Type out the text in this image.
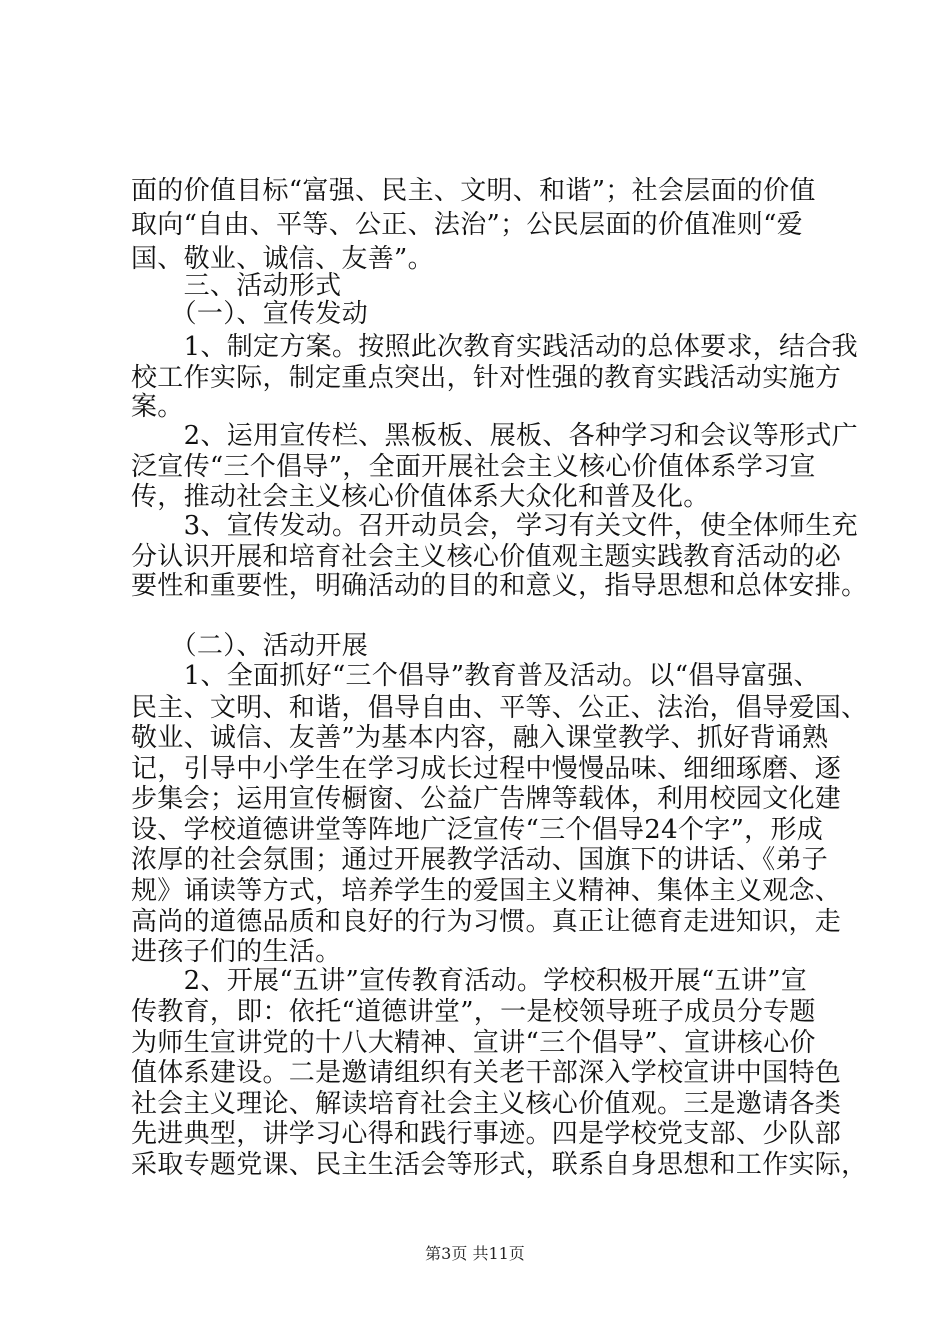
面的价值目标“富强、民主、文明、和谐”；社会层面的价值
取向“自由、平等、公正、法治”；公民层面的价值准则“爱
国、敬业、诚信、友善”。
　　三、活动形式
　　（一）、宣传发动
　　1、制定方案。按照此次教育实践活动的总体要求，结合我
校工作实际，制定重点突出，针对性强的教育实践活动实施方
案。
　　2、运用宣传栏、黑板板、展板、各种学习和会议等形式广
泛宣传“三个倡导”，全面开展社会主义核心价值体系学习宣
传，推动社会主义核心价值体系大众化和普及化。
　　3、宣传发动。召开动员会，学习有关文件，使全体师生充
分认识开展和培育社会主义核心价值观主题实践教育活动的必
要性和重要性，明确活动的目的和意义，指导思想和总体安排。
　　（二）、活动开展
　　1、全面抓好“三个倡导”教育普及活动。以“倡导富强、
民主、文明、和谐，倡导自由、平等、公正、法治，倡导爱国、
敬业、诚信、友善”为基本内容，融入课堂教学、抓好背诵熟
记，引导中小学生在学习成长过程中慢慢品味、细细琢磨、逐
步集会；运用宣传橱窗、公益广告牌等载体，利用校园文化建
设、学校道德讲堂等阵地广泛宣传“三个倡导24个字”，形成
浓厚的社会氛围；通过开展教学活动、国旗下的讲话、《弟子
规》诵读等方式，培养学生的爱国主义精神、集体主义观念、
高尚的道德品质和良好的行为习惯。真正让德育走进知识，走
进孩子们的生活。
　　2、开展“五讲”宣传教育活动。学校积极开展“五讲”宣
传教育，即：依托“道德讲堂”，一是校领导班子成员分专题
为师生宣讲党的十八大精神、宣讲“三个倡导”、宣讲核心价
值体系建设。二是邀请组织有关老干部深入学校宣讲中国特色
社会主义理论、解读培育社会主义核心价值观。三是邀请各类
先进典型，讲学习心得和践行事迹。四是学校党支部、少队部
采取专题党课、民主生活会等形式，联系自身思想和工作实际，
第3页 共11页
